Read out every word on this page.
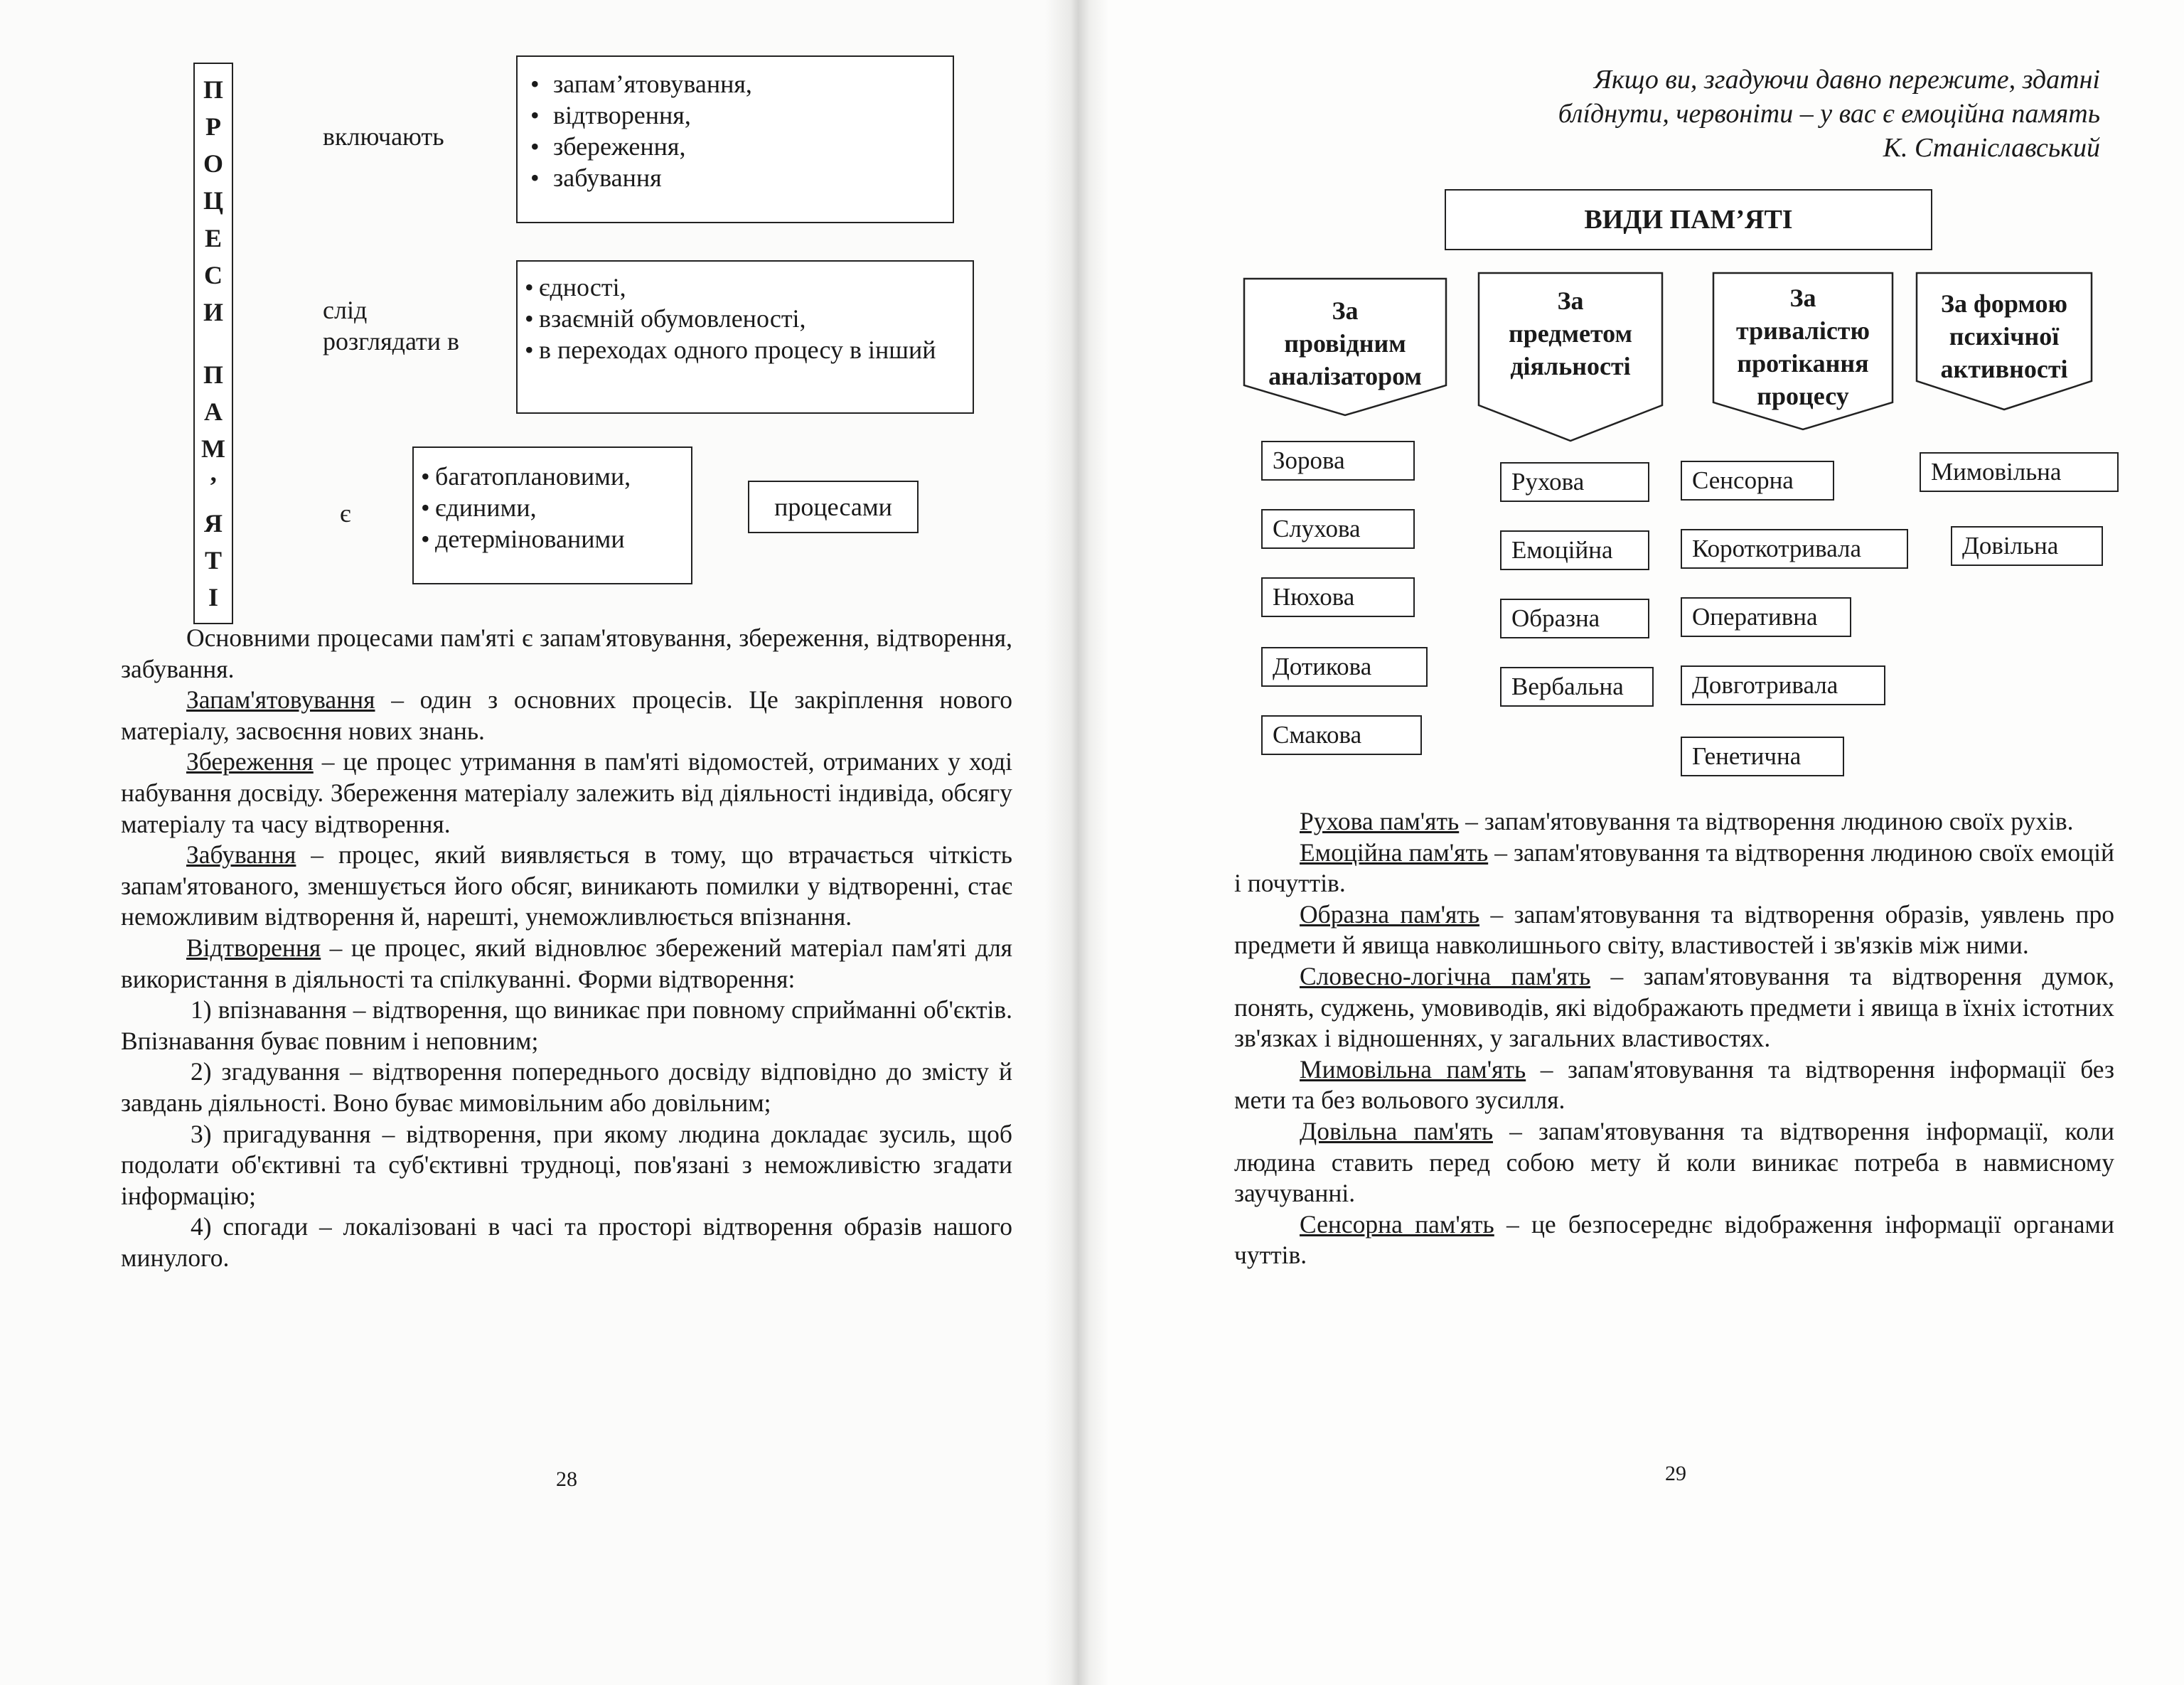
П
Р
О
Ц
Е
С
И
П
А
М
’
Я
Т
І
включають
• запам’ятовування,
• відтворення,
• збереження,
• забування
слід
розглядати в
• єдності,
• взаємній обумовленості,
• в переходах одного процесу в інший
є
• багатоплановими,
• єдиними,
• детермінованими
процесами

Основними процесами пам'яті є запам'ятовування, збереження, відтворення, забування.

Запам'ятовування – один з основних процесів. Це закріплення нового матеріалу, засвоєння нових знань.

Збереження – це процес утримання в пам'яті відомостей, отриманих у ході набування досвіду. Збереження матеріалу залежить від діяльності індивіда, обсягу матеріалу та часу відтворення.

Забування – процес, який виявляється в тому, що втрачається чіткість запам'ятованого, зменшується його обсяг, виникають помилки у відтворенні, стає неможливим відтворення й, нарешті, унеможливлюється впізнання.

Відтворення – це процес, який відновлює збережений матеріал пам'яті для використання в діяльності та спілкуванні. Форми відтворення:

1) впізнавання – відтворення, що виникає при повному сприйманні об'єктів. Впізнавання буває повним і неповним;

2) згадування – відтворення попереднього досвіду відповідно до змісту й завдань діяльності. Воно буває мимовільним або довільним;

3) пригадування – відтворення, при якому людина докладає зусиль, щоб подолати об'єктивні та суб'єктивні трудноці, пов'язані з неможливістю згадати інформацію;

4) спогади – локалізовані в часі та просторі відтворення образів нашого минулого.

28
Якщо ви, згадуючи давно пережите, здатні
блíднути, червоніти – у вас є емоційна память
К. Станіславський
ВИДИ ПАМ’ЯТІ
За
провідним
аналізатором
За
предметом
діяльності
За
тривалістю
протікання
процесу
За формою
психічної
активності
Зорова
Слухова
Нюхова
Дотикова
Смакова
Рухова
Емоційна
Образна
Вербальна
Сенсорна
Короткотривала
Оперативна
Довготривала
Генетична
Мимовільна
Довільна

Рухова пам'ять – запам'ятовування та відтворення людиною своїх рухів.

Емоційна пам'ять – запам'ятовування та відтворення людиною своїх емоцій і почуттів.

Образна пам'ять – запам'ятовування та відтворення образів, уявлень про предмети й явища навколишнього світу, властивостей і зв'язків між ними.

Словесно-логічна пам'ять – запам'ятовування та відтворення думок, понять, суджень, умовиводів, які відображають предмети і явища в їхніх істотних зв'язках і відношеннях, у загальних властивостях.

Мимовільна пам'ять – запам'ятовування та відтворення інформації без мети та без вольового зусилля.

Довільна пам'ять – запам'ятовування та відтворення інформації, коли людина ставить перед собою мету й коли виникає потреба в навмисному заучуванні.

Сенсорна пам'ять – це безпосереднє відображення інформації органами чуттів.

29
